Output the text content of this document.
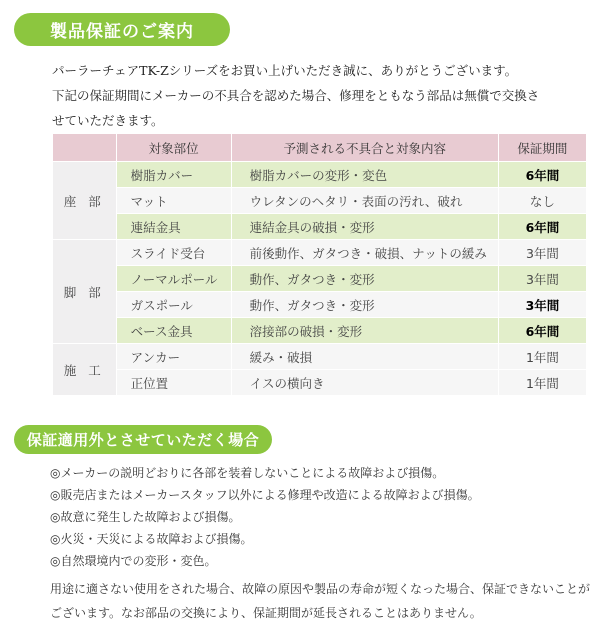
製品保証のご案内

パーラーチェアTK-Zシリーズをお買い上げいただき誠に、ありがとうございます。

下記の保証期間にメーカーの不具合を認めた場合、修理をともなう部品は無償で交換さ

せていただきます。

	対象部位	予測される不具合と対象内容	保証期間
座部	樹脂カバー	樹脂カバーの変形・変色	6年間
	マット	ウレタンのヘタリ・表面の汚れ、破れ	なし
	連結金具	連結金具の破損・変形	6年間
脚部	スライド受台	前後動作、ガタつき・破損、ナットの緩み	3年間
	ノーマルポール	動作、ガタつき・変形	3年間
	ガスポール	動作、ガタつき・変形	3年間
	ベース金具	溶接部の破損・変形	6年間
施工	アンカー	緩み・破損	1年間
	正位置	イスの横向き	1年間
保証適用外とさせていただく場合
◎メーカーの説明どおりに各部を装着しないことによる故障および損傷。
◎販売店またはメーカースタッフ以外による修理や改造による故障および損傷。
◎故意に発生した故障および損傷。
◎火災・天災による故障および損傷。
◎自然環境内での変形・変色。

用途に適さない使用をされた場合、故障の原因や製品の寿命が短くなった場合、保証できないことが

ございます。なお部品の交換により、保証期間が延長されることはありません。
